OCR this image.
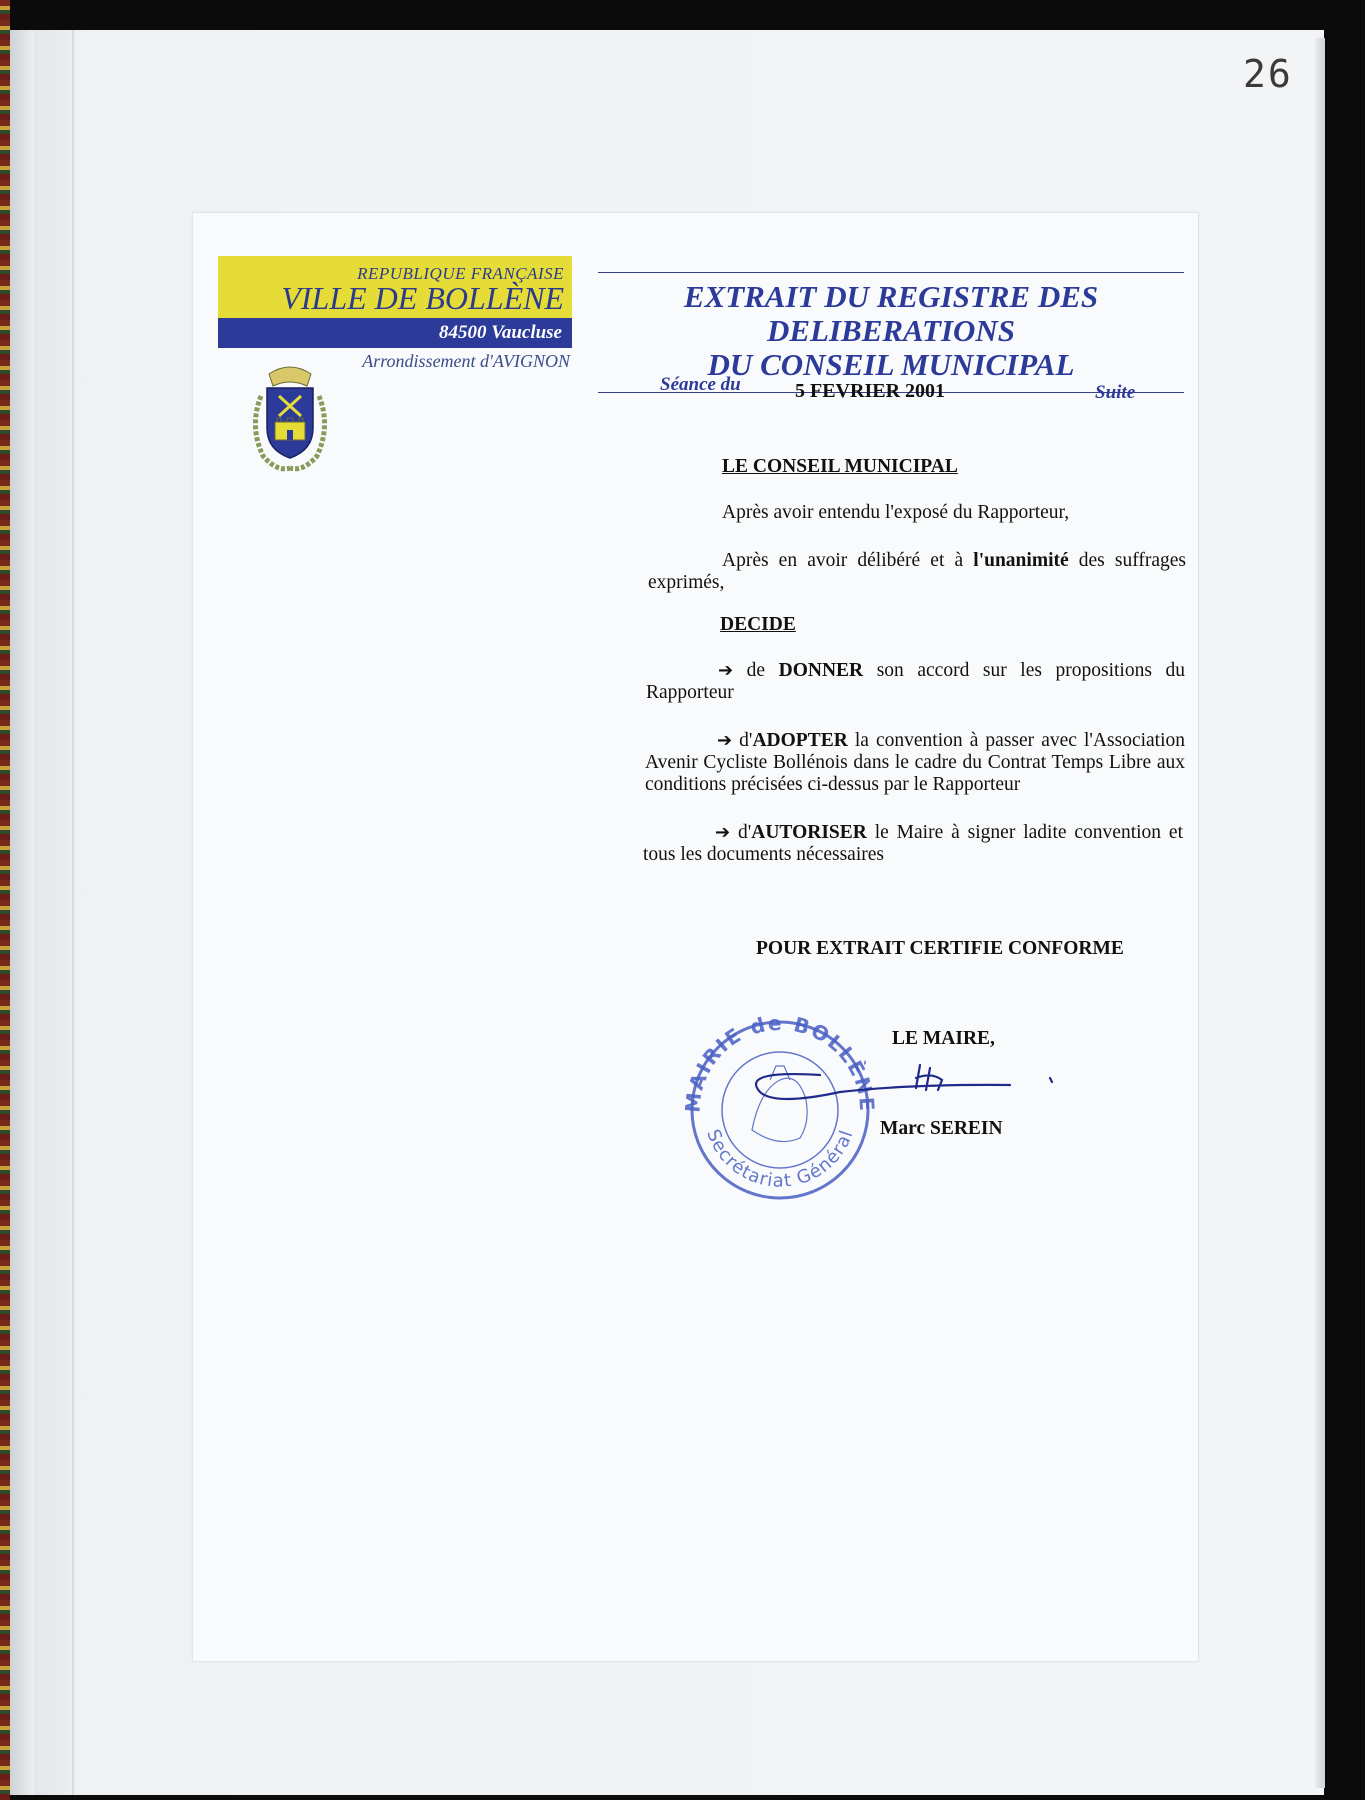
26
REPUBLIQUE FRANÇAISE
VILLE DE BOLLÈNE
84500 Vaucluse
Arrondissement d'AVIGNON
EXTRAIT DU REGISTRE DES DELIBERATIONS
DU CONSEIL MUNICIPAL
Séance du	5 FEVRIER 2001	Suite
LE CONSEIL MUNICIPAL
Après avoir entendu l'exposé du Rapporteur,
Après en avoir délibéré et à l'unanimité des suffrages exprimés,
DECIDE
➔ de DONNER son accord sur les propositions du Rapporteur
➔ d'ADOPTER la convention à passer avec l'Association Avenir Cycliste Bollénois dans le cadre du Contrat Temps Libre aux conditions précisées ci-dessus par le Rapporteur
➔ d'AUTORISER le Maire à signer ladite convention et tous les documents nécessaires
POUR EXTRAIT CERTIFIE CONFORME
LE MAIRE,
Marc SEREIN
MAIRIE de BOLLÈNE
Secrétariat Général
